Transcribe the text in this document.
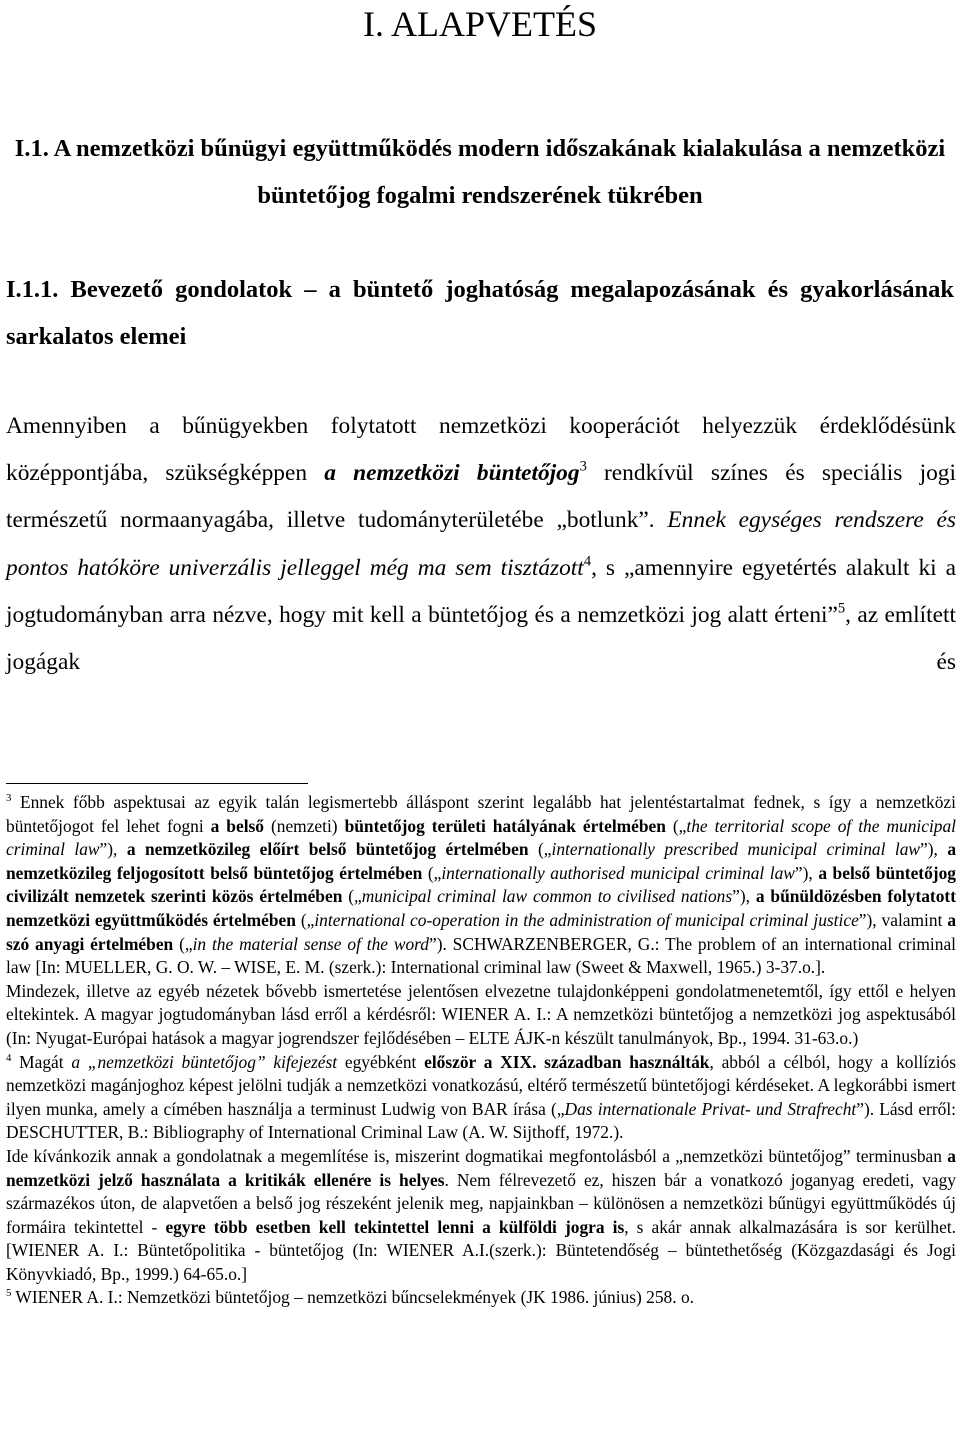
I. ALAPVETÉS
I.1. A nemzetközi bűnügyi együttműködés modern időszakának kialakulása a nemzetközi büntetőjog fogalmi rendszerének tükrében
I.1.1. Bevezető gondolatok – a büntető joghatóság megalapozásának és gyakorlásának sarkalatos elemei

Amennyiben a bűnügyekben folytatott nemzetközi kooperációt helyezzük érdeklődésünk középpontjába, szükségképpen a nemzetközi büntetőjog$^3$ rendkívül színes és speciális jogi természetű normaanyagába, illetve tudományterületébe „botlunk”. Ennek egységes rendszere és pontos hatóköre univerzális jelleggel még ma sem tisztázott$^4$, s „amennyire egyetértés alakult ki a jogtudományban arra nézve, hogy mit kell a büntetőjog és a nemzetközi jog alatt érteni”$^5$, az említett jogágak és

$^3$ Ennek főbb aspektusai az egyik talán legismertebb álláspont szerint legalább hat jelentéstartalmat fednek, s így a nemzetközi büntetőjogot fel lehet fogni a belső (nemzeti) büntetőjog területi hatályának értelmében („the territorial scope of the municipal criminal law”), a nemzetközileg előírt belső büntetőjog értelmében („internationally prescribed municipal criminal law”), a nemzetközileg feljogosított belső büntetőjog értelmében („internationally authorised municipal criminal law”), a belső büntetőjog civilizált nemzetek szerinti közös értelmében („municipal criminal law common to civilised nations”), a bűnüldözésben folytatott nemzetközi együttműködés értelmében („international co-operation in the administration of municipal criminal justice”), valamint a szó anyagi értelmében („in the material sense of the word”). SCHWARZENBERGER, G.: The problem of an international criminal law [In: MUELLER, G. O. W. – WISE, E. M. (szerk.): International criminal law (Sweet & Maxwell, 1965.) 3-37.o.].

Mindezek, illetve az egyéb nézetek bővebb ismertetése jelentősen elvezetne tulajdonképpeni gondolatmenetemtől, így ettől e helyen eltekintek. A magyar jogtudományban lásd erről a kérdésről: WIENER A. I.: A nemzetközi büntetőjog a nemzetközi jog aspektusából (In: Nyugat-Európai hatások a magyar jogrendszer fejlődésében – ELTE ÁJK-n készült tanulmányok, Bp., 1994. 31-63.o.)

$^4$ Magát a „nemzetközi büntetőjog” kifejezést egyébként először a XIX. században használták, abból a célból, hogy a kollíziós nemzetközi magánjoghoz képest jelölni tudják a nemzetközi vonatkozású, eltérő természetű büntetőjogi kérdéseket. A legkorábbi ismert ilyen munka, amely a címében használja a terminust Ludwig von BAR írása („Das internationale Privat- und Strafrecht”). Lásd erről: DESCHUTTER, B.: Bibliography of International Criminal Law (A. W. Sijthoff, 1972.).

Ide kívánkozik annak a gondolatnak a megemlítése is, miszerint dogmatikai megfontolásból a „nemzetközi büntetőjog” terminusban a nemzetközi jelző használata a kritikák ellenére is helyes. Nem félrevezető ez, hiszen bár a vonatkozó joganyag eredeti, vagy származékos úton, de alapvetően a belső jog részeként jelenik meg, napjainkban – különösen a nemzetközi bűnügyi együttműködés új formáira tekintettel - egyre több esetben kell tekintettel lenni a külföldi jogra is, s akár annak alkalmazására is sor kerülhet. [WIENER A. I.: Büntetőpolitika - büntetőjog (In: WIENER A.I.(szerk.): Büntetendőség – büntethetőség (Közgazdasági és Jogi Könyvkiadó, Bp., 1999.) 64-65.o.]

$^5$ WIENER A. I.: Nemzetközi büntetőjog – nemzetközi bűncselekmények (JK 1986. június) 258. o.
